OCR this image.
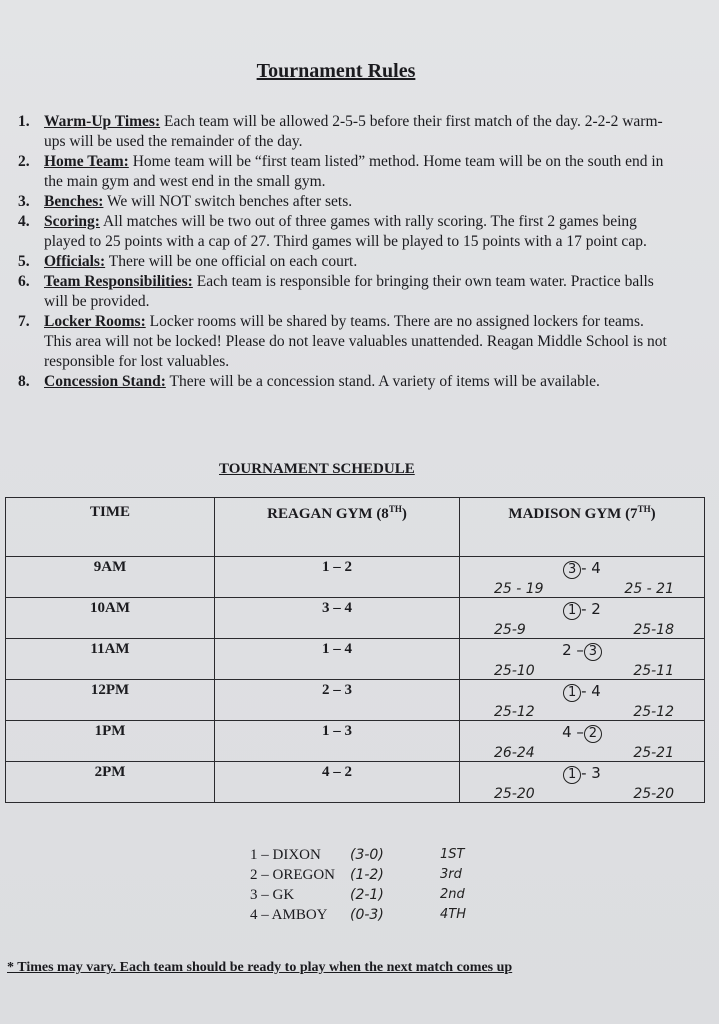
Tournament Rules
1. Warm-Up Times: Each team will be allowed 2-5-5 before their first match of the day. 2-2-2 warm-ups will be used the remainder of the day.
2. Home Team: Home team will be “first team listed” method. Home team will be on the south end in the main gym and west end in the small gym.
3. Benches: We will NOT switch benches after sets.
4. Scoring: All matches will be two out of three games with rally scoring. The first 2 games being played to 25 points with a cap of 27. Third games will be played to 15 points with a 17 point cap.
5. Officials: There will be one official on each court.
6. Team Responsibilities: Each team is responsible for bringing their own team water. Practice balls will be provided.
7. Locker Rooms: Locker rooms will be shared by teams. There are no assigned lockers for teams. This area will not be locked! Please do not leave valuables unattended. Reagan Middle School is not responsible for lost valuables.
8. Concession Stand: There will be a concession stand. A variety of items will be available.
TOURNAMENT SCHEDULE
TIME	REAGAN GYM (8TH)	MADISON GYM (7TH)
9AM	1 – 2	3 - 4
25 - 19 25 - 21

10AM	3 – 4	1 - 2
25-9 25-18

11AM	1 – 4	2 – 3
25-10 25-11

12PM	2 – 3	1 - 4
25-12 25-12

1PM	1 – 3	4 – 2
26-24 25-21

2PM	4 – 2	1 - 3
25-20 25-20
1 – DIXON (3-0)	1ST
2 – OREGON (1-2)	3rd
3 – GK	(2-1)	2nd
4 – AMBOY (0-3)	4TH
* Times may vary. Each team should be ready to play when the next match comes up
